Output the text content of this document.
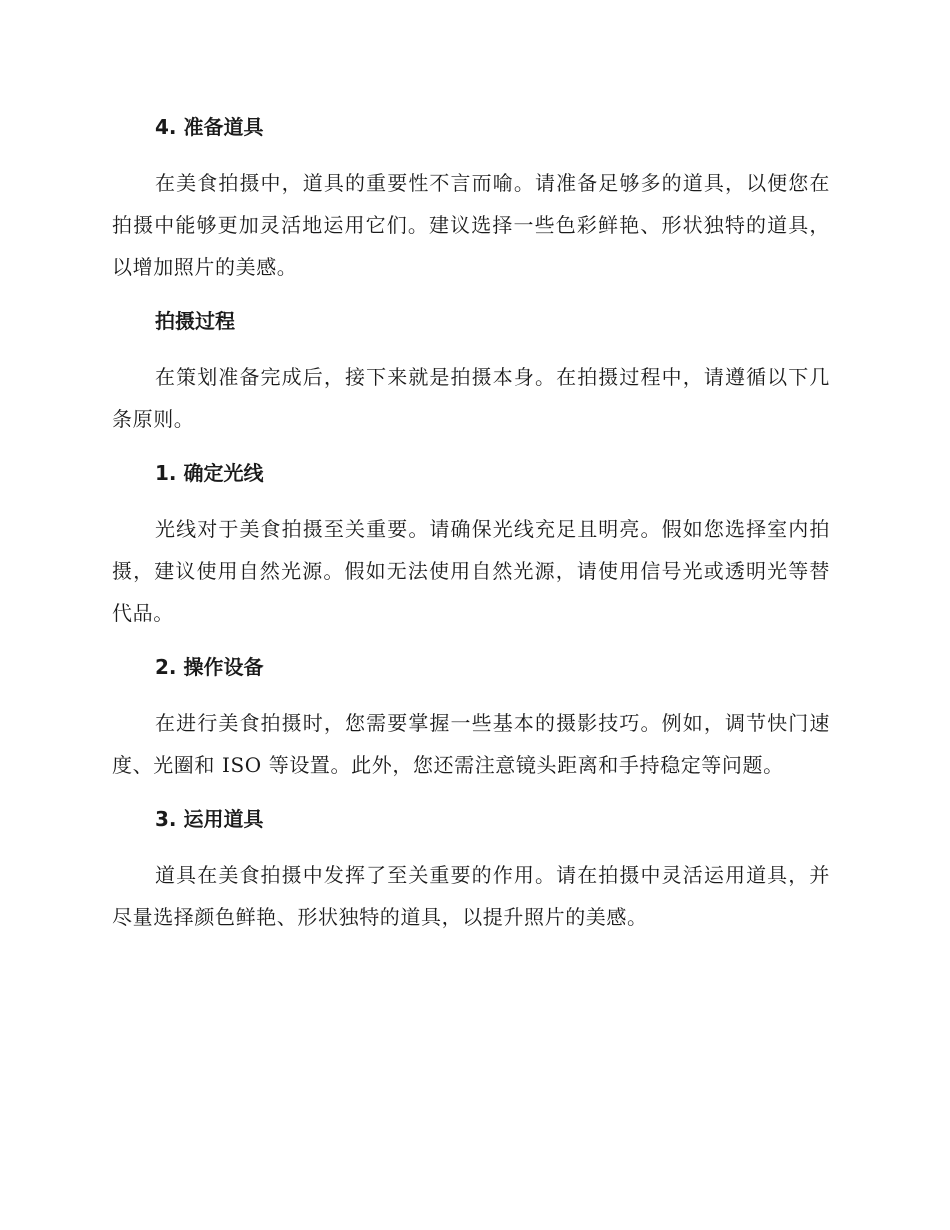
4. 准备道具

在美食拍摄中，道具的重要性不言而喻。请准备足够多的道具，以便您在拍摄中能够更加灵活地运用它们。建议选择一些色彩鲜艳、形状独特的道具，以增加照片的美感。

拍摄过程

在策划准备完成后，接下来就是拍摄本身。在拍摄过程中，请遵循以下几条原则。

1. 确定光线

光线对于美食拍摄至关重要。请确保光线充足且明亮。假如您选择室内拍摄，建议使用自然光源。假如无法使用自然光源，请使用信号光或透明光等替代品。

2. 操作设备

在进行美食拍摄时，您需要掌握一些基本的摄影技巧。例如，调节快门速度、光圈和 ISO 等设置。此外，您还需注意镜头距离和手持稳定等问题。

3. 运用道具

道具在美食拍摄中发挥了至关重要的作用。请在拍摄中灵活运用道具，并尽量选择颜色鲜艳、形状独特的道具，以提升照片的美感。
